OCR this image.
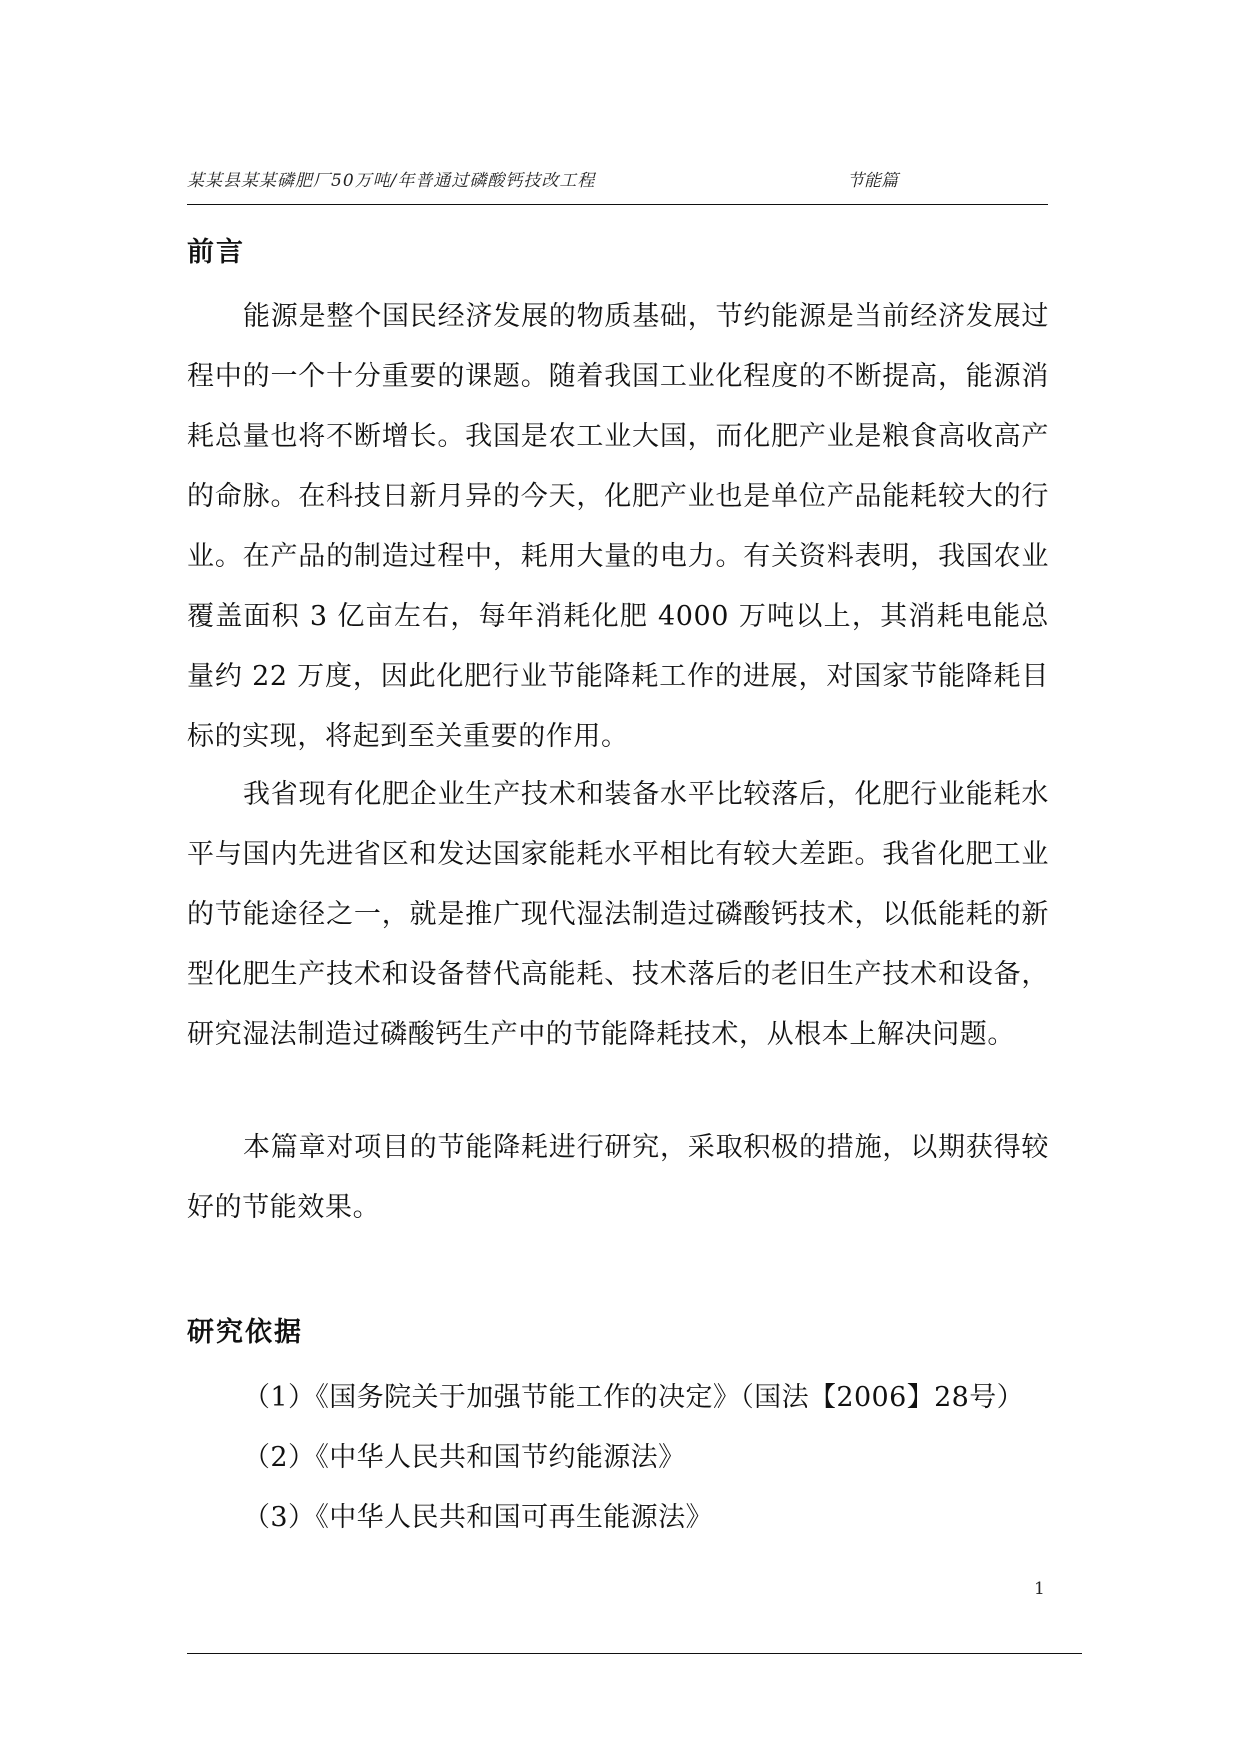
某某县某某磷肥厂50万吨/年普通过磷酸钙技改工程	节能篇
前言

能源是整个国民经济发展的物质基础，节约能源是当前经济发展过程中的一个十分重要的课题。随着我国工业化程度的不断提高，能源消耗总量也将不断增长。我国是农工业大国，而化肥产业是粮食高收高产的命脉。在科技日新月异的今天，化肥产业也是单位产品能耗较大的行业。在产品的制造过程中，耗用大量的电力。有关资料表明，我国农业覆盖面积 3 亿亩左右，每年消耗化肥 4000 万吨以上，其消耗电能总量约 22 万度，因此化肥行业节能降耗工作的进展，对国家节能降耗目标的实现，将起到至关重要的作用。

我省现有化肥企业生产技术和装备水平比较落后，化肥行业能耗水平与国内先进省区和发达国家能耗水平相比有较大差距。我省化肥工业的节能途径之一，就是推广现代湿法制造过磷酸钙技术，以低能耗的新型化肥生产技术和设备替代高能耗、技术落后的老旧生产技术和设备，研究湿法制造过磷酸钙生产中的节能降耗技术，从根本上解决问题。

本篇章对项目的节能降耗进行研究，采取积极的措施，以期获得较好的节能效果。

研究依据
（1）《国务院关于加强节能工作的决定》（国法【2006】28号）
（2）《中华人民共和国节约能源法》
（3）《中华人民共和国可再生能源法》
1
